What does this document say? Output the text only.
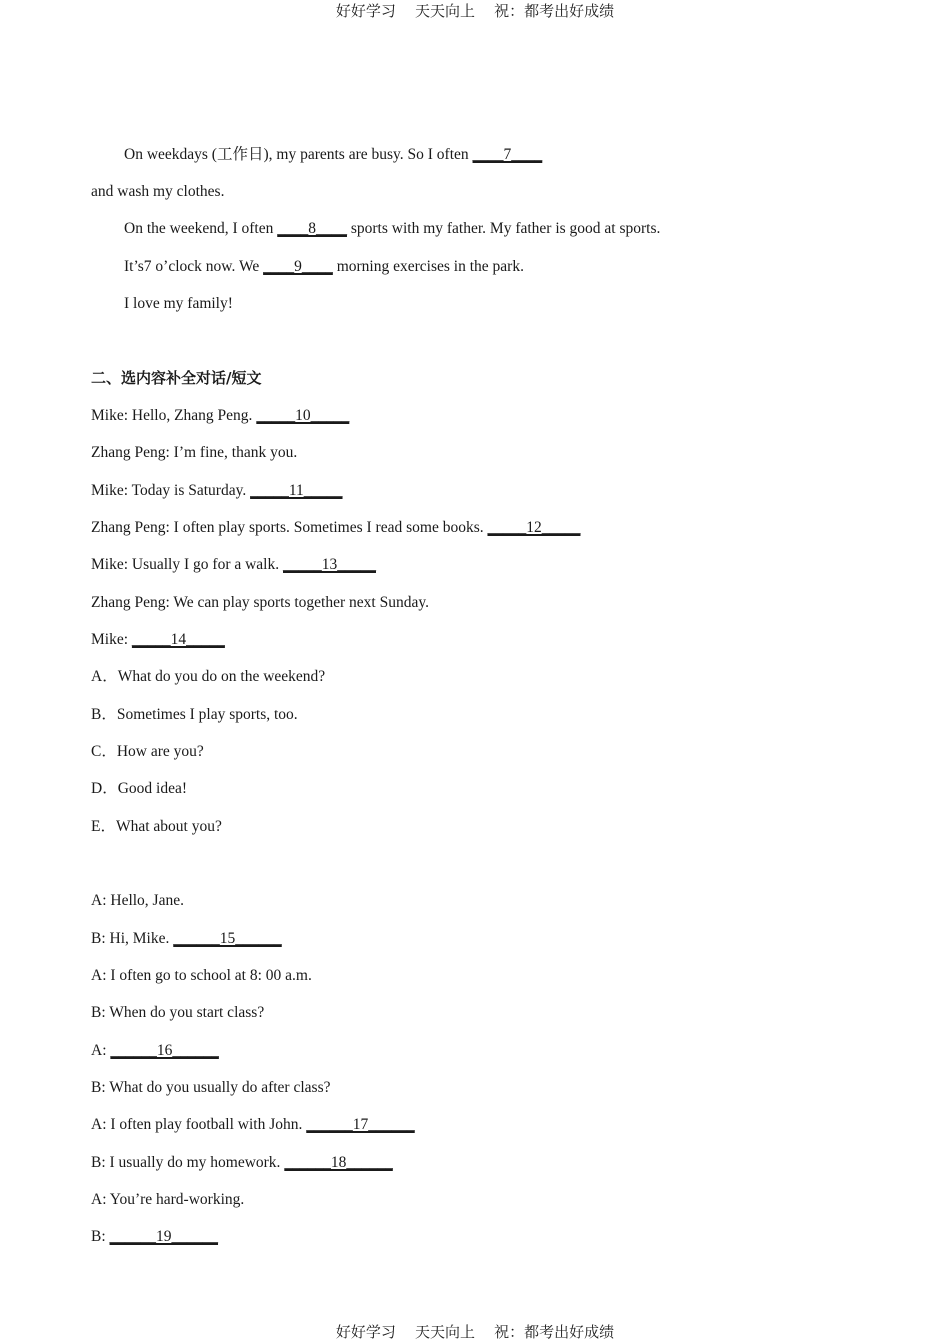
好好学习    天天向上    祝：都考出好成绩
On weekdays (工作日), my parents are busy. So I often ____7____
and wash my clothes.
On the weekend, I often ____8____ sports with my father. My father is good at sports.
It’s7 o’clock now. We ____9____ morning exercises in the park.
I love my family!
二、选内容补全对话/短文
Mike: Hello, Zhang Peng. _____10_____
Zhang Peng: I’m fine, thank you.
Mike: Today is Saturday. _____11_____
Zhang Peng: I often play sports. Sometimes I read some books. _____12_____
Mike: Usually I go for a walk. _____13_____
Zhang Peng: We can play sports together next Sunday.
Mike: _____14_____
A．What do you do on the weekend?
B．Sometimes I play sports, too.
C．How are you?
D．Good idea!
E．What about you?
A: Hello, Jane.
B: Hi, Mike. ______15______
A: I often go to school at 8: 00 a.m.
B: When do you start class?
A: ______16______
B: What do you usually do after class?
A: I often play football with John. ______17______
B: I usually do my homework. ______18______
A: You’re hard-working.
B: ______19______
好好学习    天天向上    祝：都考出好成绩
